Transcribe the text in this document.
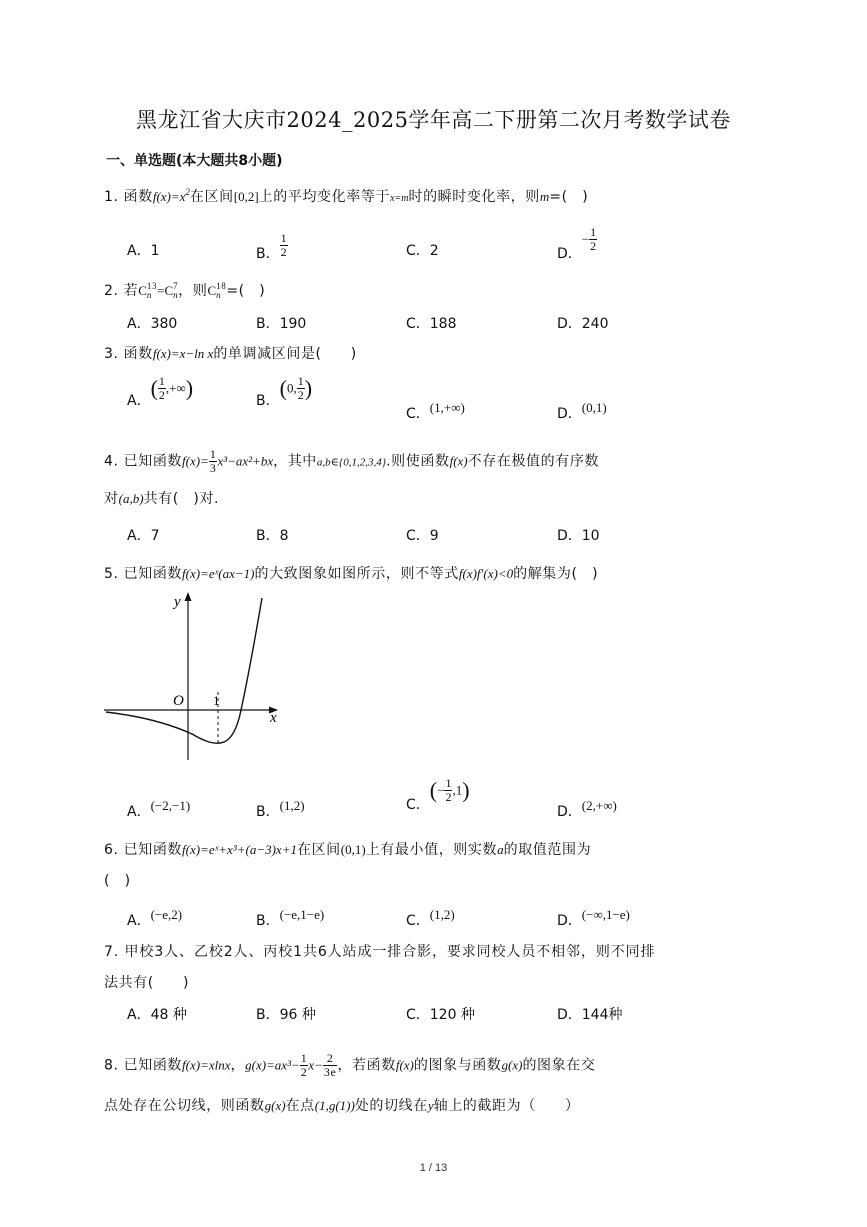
黑龙江省大庆市2024_2025学年高二下册第二次月考数学试卷
一、单选题(本大题共8小题)
1. 函数$f(x)=x^2$在区间[0,2]上的平均变化率等于x=m时的瞬时变化率，则m=(　)
A．1	B． $\frac{1}{2}$	C．2	D．− $\frac{1}{2}$
2. 若C 13
n =C 7
n ，则C 18
n =(　)
A．380	B．190	C．188	D．240
3. 函数f(x)=x−ln x的单调减区间是(　　)
A．( $\frac{1}{2}$ ,+∞)	B．(0, $\frac{1}{2}$ )
C．(1,+∞)	D．(0,1)
4. 已知函数$f(x)= \frac{1}{3} x^3-ax^2+bx$，其中a,b∈{0,1,2,3,4}.则使函数f(x)不存在极值的有序数
对(a,b)共有(　)对.
A．7	B．8	C．9	D．10
5. 已知函数f(x)=eˣ(ax−1)的大致图象如图所示，则不等式f(x)f′(x)<0的解集为(　)
y
x
O 1
A．(−2,−1)	B．(1,2)	C．(− $\frac{1}{2} ,1$)
D．(2,+∞)
6. 已知函数f(x)=eˣ+x³+(a−3)x+1在区间(0,1)上有最小值，则实数a的取值范围为
(　)
A．(−e,2)	B．(−e,1−e)	C．(1,2)	D．(−∞,1−e)
7. 甲校3人、乙校2人、丙校1共6人站成一排合影，要求同校人员不相邻，则不同排
法共有(　　)
A．48 种	B．96 种	C．120 种	D．144种
8. 已知函数f(x)=xlnx，$g(x)=ax^3- \frac{1}{2} x- \frac{2}{3e}$ ，若函数f(x)的图象与函数g(x)的图象在交
点处存在公切线，则函数g(x)在点(1,g(1))处的切线在y轴上的截距为（　　）
1 / 13
